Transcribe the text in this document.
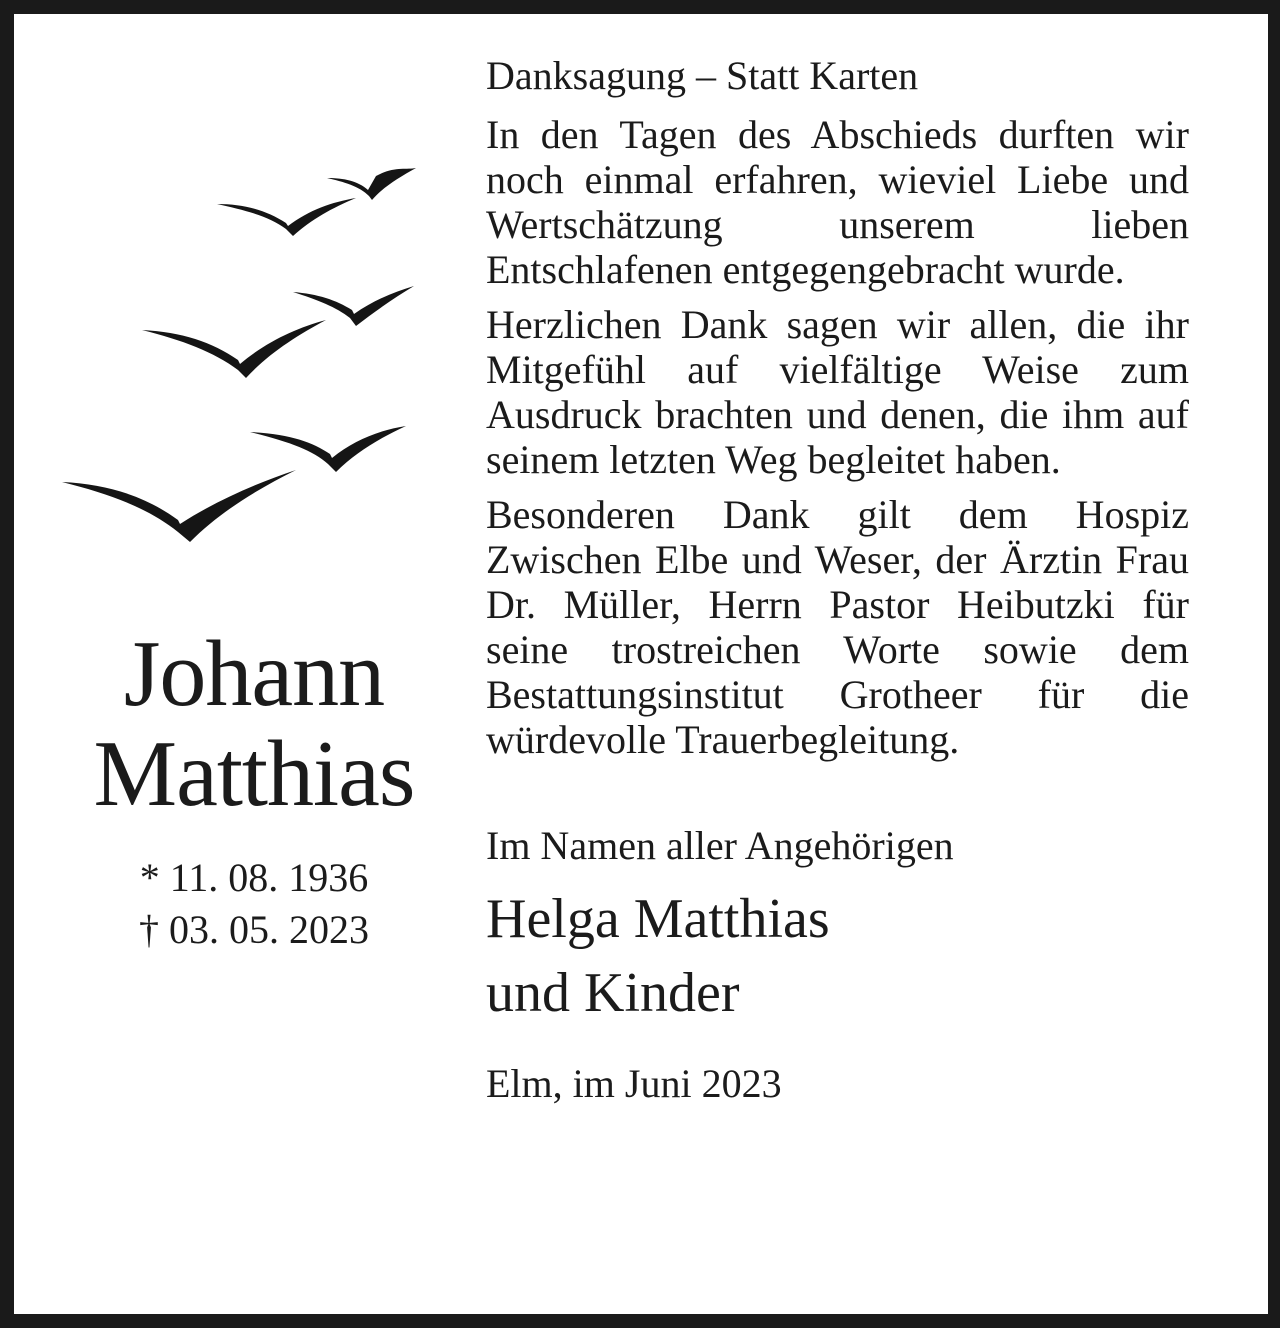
Johann
Matthias
* 11. 08. 1936
† 03. 05. 2023

Danksagung – Statt Karten

In den Tagen des Abschieds durften wir noch einmal erfahren, wieviel Liebe und Wertschätzung unserem lieben Entschlafenen entgegengebracht wurde.

Herzlichen Dank sagen wir allen, die ihr Mitgefühl auf vielfältige Weise zum Ausdruck brachten und denen, die ihm auf seinem letzten Weg begleitet haben.

Besonderen Dank gilt dem Hospiz Zwischen Elbe und Weser, der Ärztin Frau Dr. Müller, Herrn Pastor Heibutzki für seine trostreichen Worte sowie dem Bestattungsinstitut Grotheer für die würdevolle Trauerbegleitung.

Im Namen aller Angehörigen

Helga Matthias

und Kinder

Elm, im Juni 2023
